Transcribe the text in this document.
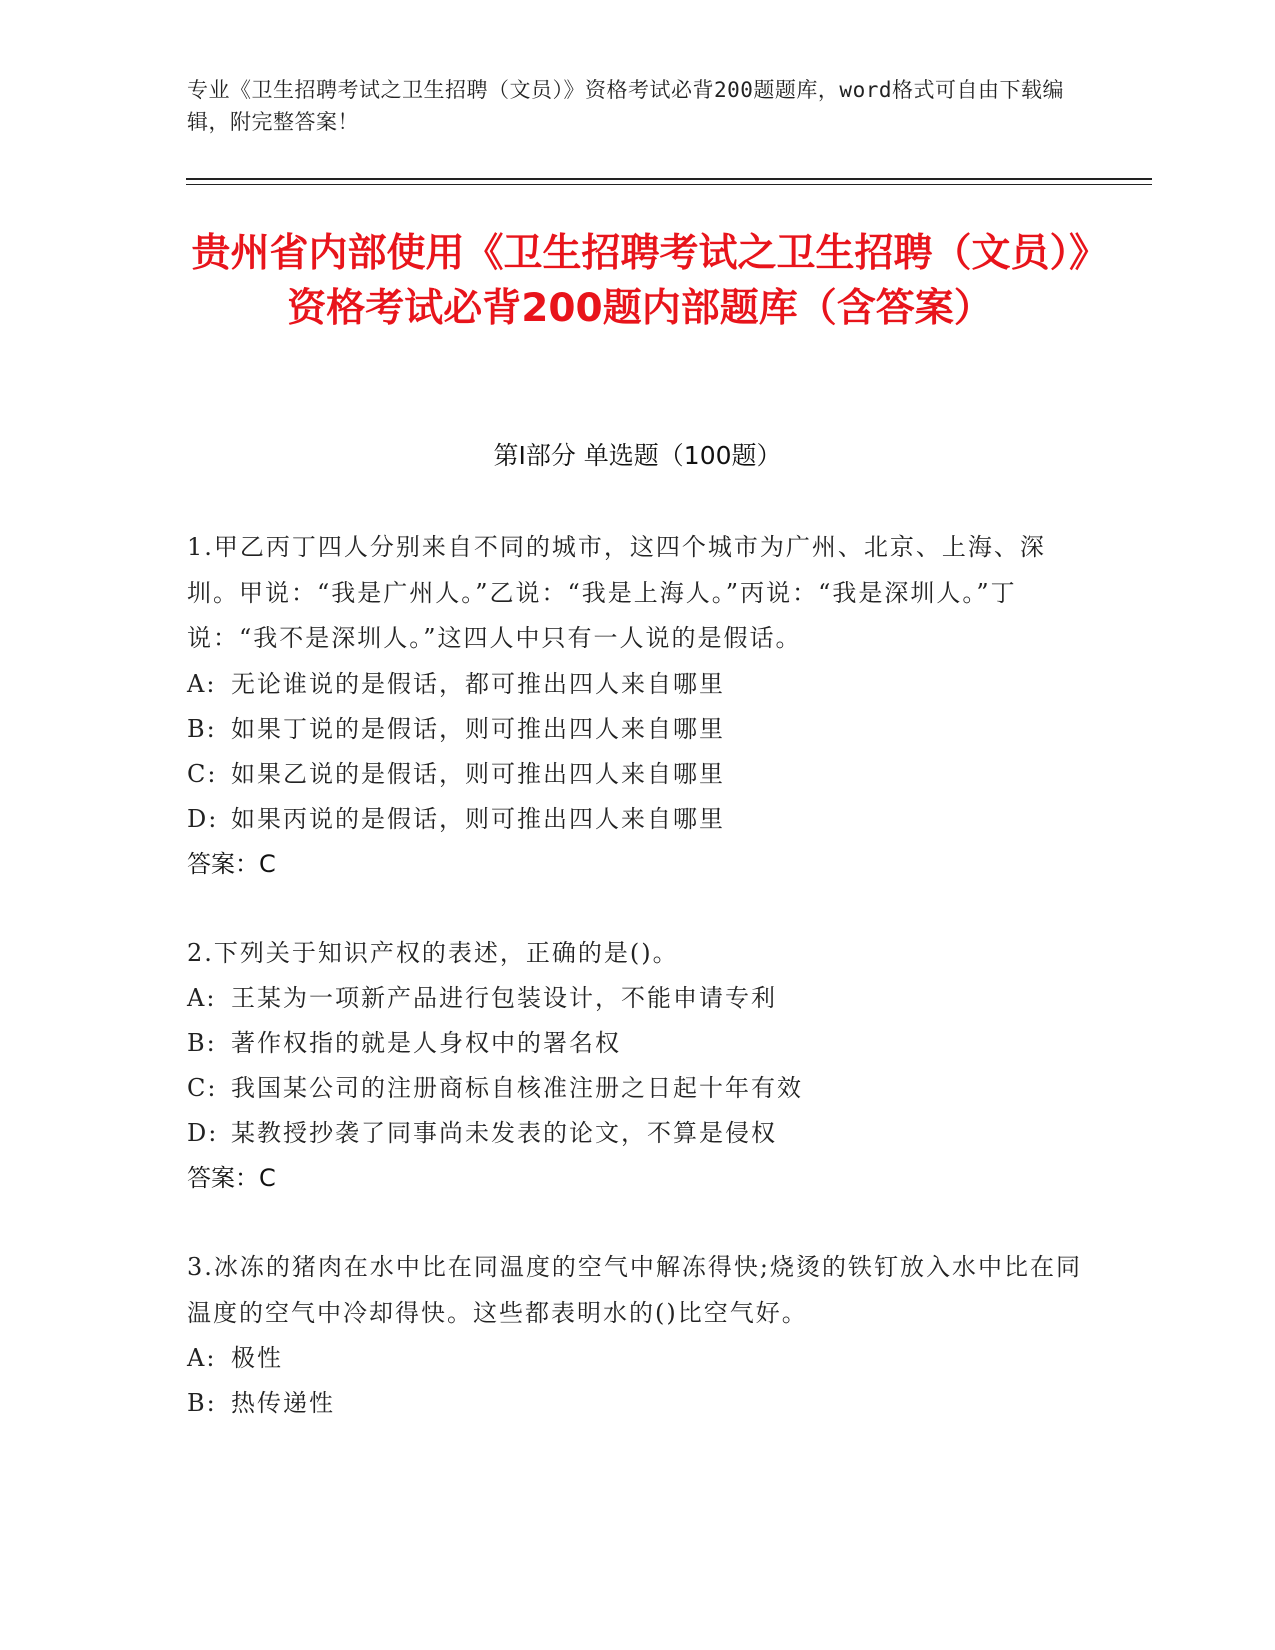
专业《卫生招聘考试之卫生招聘（文员）》资格考试必背200题题库，word格式可自由下载编辑，附完整答案！
贵州省内部使用《卫生招聘考试之卫生招聘（文员）》资格考试必背200题内部题库（含答案）
第Ⅰ部分 单选题（100题）
1.甲乙丙丁四人分别来自不同的城市，这四个城市为广州、北京、上海、深圳。甲说：“我是广州人。”乙说：“我是上海人。”丙说：“我是深圳人。”丁说：“我不是深圳人。”这四人中只有一人说的是假话。
A: 无论谁说的是假话，都可推出四人来自哪里
B: 如果丁说的是假话，则可推出四人来自哪里
C: 如果乙说的是假话，则可推出四人来自哪里
D: 如果丙说的是假话，则可推出四人来自哪里
答案：C
2.下列关于知识产权的表述，正确的是()。
A: 王某为一项新产品进行包装设计，不能申请专利
B: 著作权指的就是人身权中的署名权
C: 我国某公司的注册商标自核准注册之日起十年有效
D: 某教授抄袭了同事尚未发表的论文，不算是侵权
答案：C
3.冰冻的猪肉在水中比在同温度的空气中解冻得快;烧烫的铁钉放入水中比在同温度的空气中冷却得快。这些都表明水的()比空气好。
A: 极性
B: 热传递性
